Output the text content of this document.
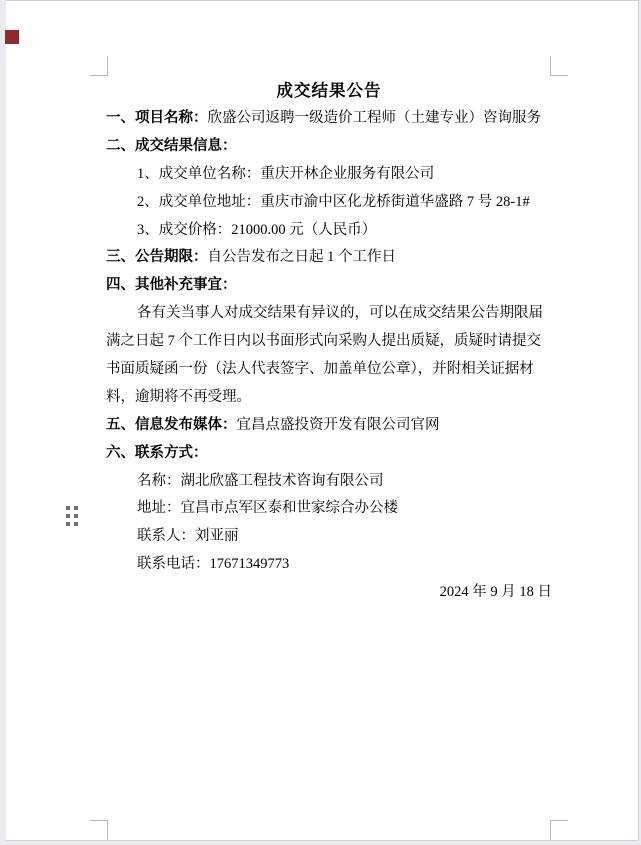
成交结果公告
一、项目名称：欣盛公司返聘一级造价工程师（土建专业）咨询服务
二、成交结果信息：
1、成交单位名称：重庆开林企业服务有限公司
2、成交单位地址：重庆市渝中区化龙桥街道华盛路 7 号 28-1#
3、成交价格：21000.00 元（人民币）
三、公告期限：自公告发布之日起 1 个工作日
四、其他补充事宜：
各有关当事人对成交结果有异议的，可以在成交结果公告期限届
满之日起 7 个工作日内以书面形式向采购人提出质疑，质疑时请提交
书面质疑函一份（法人代表签字、加盖单位公章），并附相关证据材
料，逾期将不再受理。
五、信息发布媒体：宜昌点盛投资开发有限公司官网
六、联系方式：
名称：湖北欣盛工程技术咨询有限公司
地址：宜昌市点军区泰和世家综合办公楼
联系人：刘亚丽
联系电话：17671349773
2024 年 9 月 18 日
